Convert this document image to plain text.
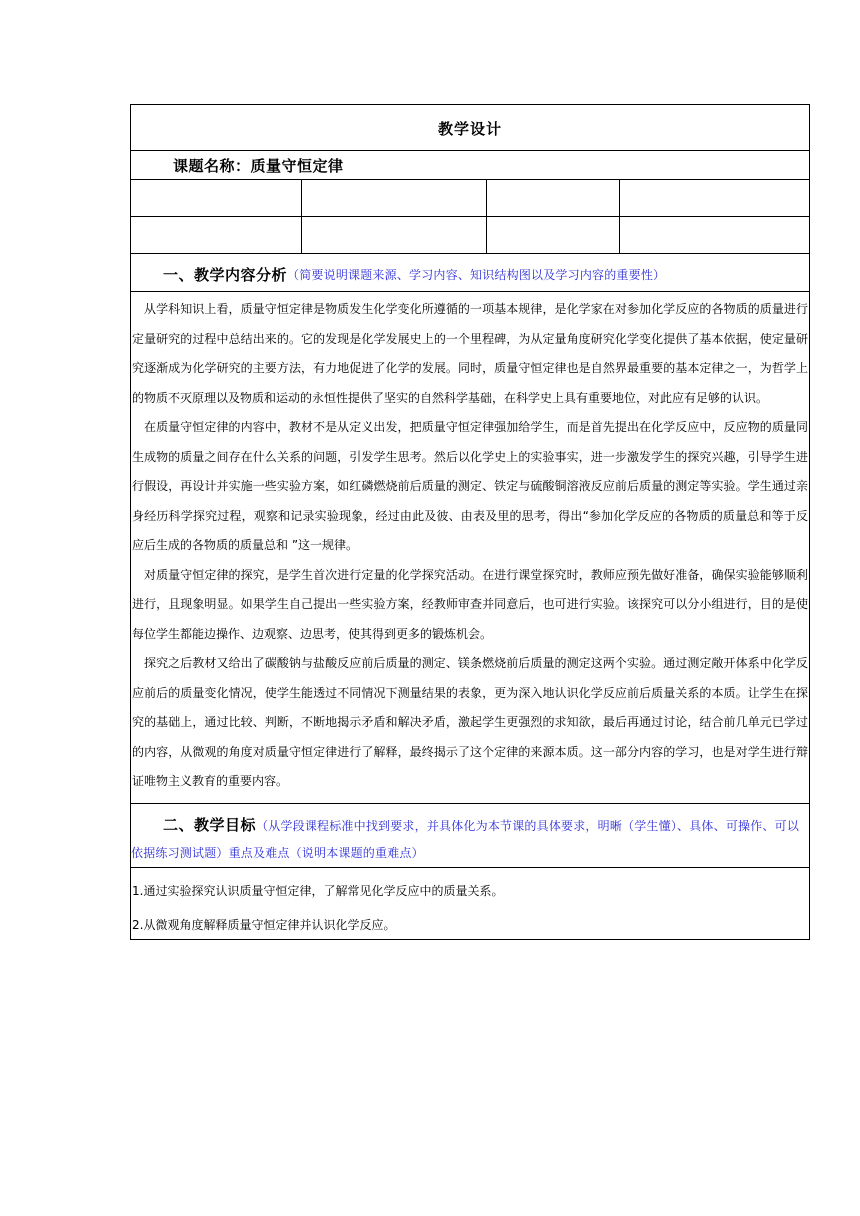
教学设计
课题名称： 质量守恒定律
一、教学内容分析 （简要说明课题来源、学习内容、知识结构图以及学习内容的重要性）

从学科知识上看，质量守恒定律是物质发生化学变化所遵循的一项基本规律，是化学家在对参加化学反应的各物质的质量进行定量研究的过程中总结出来的。它的发现是化学发展史上的一个里程碑，为从定量角度研究化学变化提供了基本依据，使定量研究逐渐成为化学研究的主要方法，有力地促进了化学的发展。同时，质量守恒定律也是自然界最重要的基本定律之一，为哲学上的物质不灭原理以及物质和运动的永恒性提供了坚实的自然科学基础，在科学史上具有重要地位，对此应有足够的认识。

在质量守恒定律的内容中，教材不是从定义出发，把质量守恒定律强加给学生，而是首先提出在化学反应中，反应物的质量同生成物的质量之间存在什么关系的问题，引发学生思考。然后以化学史上的实验事实，进一步激发学生的探究兴趣，引导学生进行假设，再设计并实施一些实验方案，如红磷燃烧前后质量的测定、铁定与硫酸铜溶液反应前后质量的测定等实验。学生通过亲身经历科学探究过程，观察和记录实验现象，经过由此及彼、由表及里的思考，得出“参加化学反应的各物质的质量总和等于反应后生成的各物质的质量总和 ”这一规律。

对质量守恒定律的探究，是学生首次进行定量的化学探究活动。在进行课堂探究时，教师应预先做好准备，确保实验能够顺利进行，且现象明显。如果学生自己提出一些实验方案，经教师审查并同意后，也可进行实验。该探究可以分小组进行，目的是使每位学生都能边操作、边观察、边思考，使其得到更多的锻炼机会。

探究之后教材又给出了碳酸钠与盐酸反应前后质量的测定、镁条燃烧前后质量的测定这两个实验。通过测定敞开体系中化学反应前后的质量变化情况，使学生能透过不同情况下测量结果的表象，更为深入地认识化学反应前后质量关系的本质。让学生在探究的基础上，通过比较、判断，不断地揭示矛盾和解决矛盾，激起学生更强烈的求知欲，最后再通过讨论，结合前几单元已学过的内容，从微观的角度对质量守恒定律进行了解释，最终揭示了这个定律的来源本质。这一部分内容的学习，也是对学生进行辩证唯物主义教育的重要内容。

二、教学目标（从学段课程标准中找到要求，并具体化为本节课的具体要求，明晰（学生懂）、具体、可操作、可以依据练习测试题）重点及难点（说明本课题的重难点）

1.通过实验探究认识质量守恒定律，了解常见化学反应中的质量关系。

2.从微观角度解释质量守恒定律并认识化学反应。
